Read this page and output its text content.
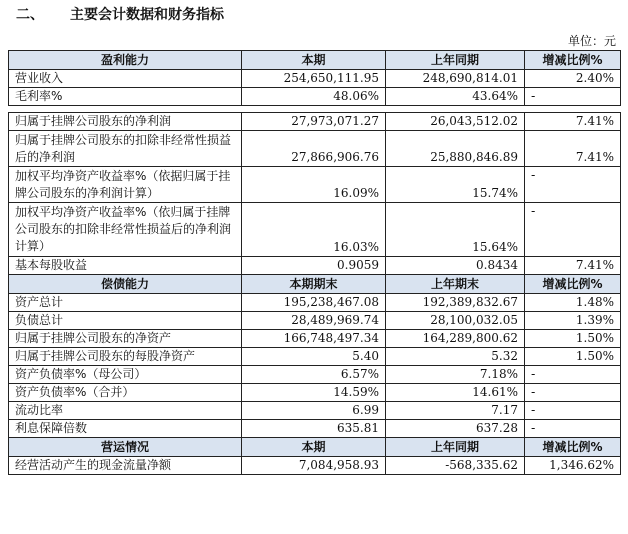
二、 主要会计数据和财务指标
单位：元
盈利能力	本期	上年同期	增减比例%
营业收入	254,650,111.95	248,690,814.01	2.40%
毛利率%	48.06%	43.64%	-

归属于挂牌公司股东的净利润	27,973,071.27	26,043,512.02	7.41%
归属于挂牌公司股东的扣除非经常性损益后的净利润	27,866,906.76	25,880,846.89	7.41%
加权平均净资产收益率%（依据归属于挂牌公司股东的净利润计算）	16.09%	15.74%	-
加权平均净资产收益率%（依归属于挂牌公司股东的扣除非经常性损益后的净利润计算）	16.03%	15.64%	-
基本每股收益	0.9059	0.8434	7.41%
偿债能力	本期期末	上年期末	增减比例%
资产总计	195,238,467.08	192,389,832.67	1.48%
负债总计	28,489,969.74	28,100,032.05	1.39%
归属于挂牌公司股东的净资产	166,748,497.34	164,289,800.62	1.50%
归属于挂牌公司股东的每股净资产	5.40	5.32	1.50%
资产负债率%（母公司）	6.57%	7.18%	-
资产负债率%（合并）	14.59%	14.61%	-
流动比率	6.99	7.17	-
利息保障倍数	635.81	637.28	-
营运情况	本期	上年同期	增减比例%
经营活动产生的现金流量净额	7,084,958.93	-568,335.62	1,346.62%
